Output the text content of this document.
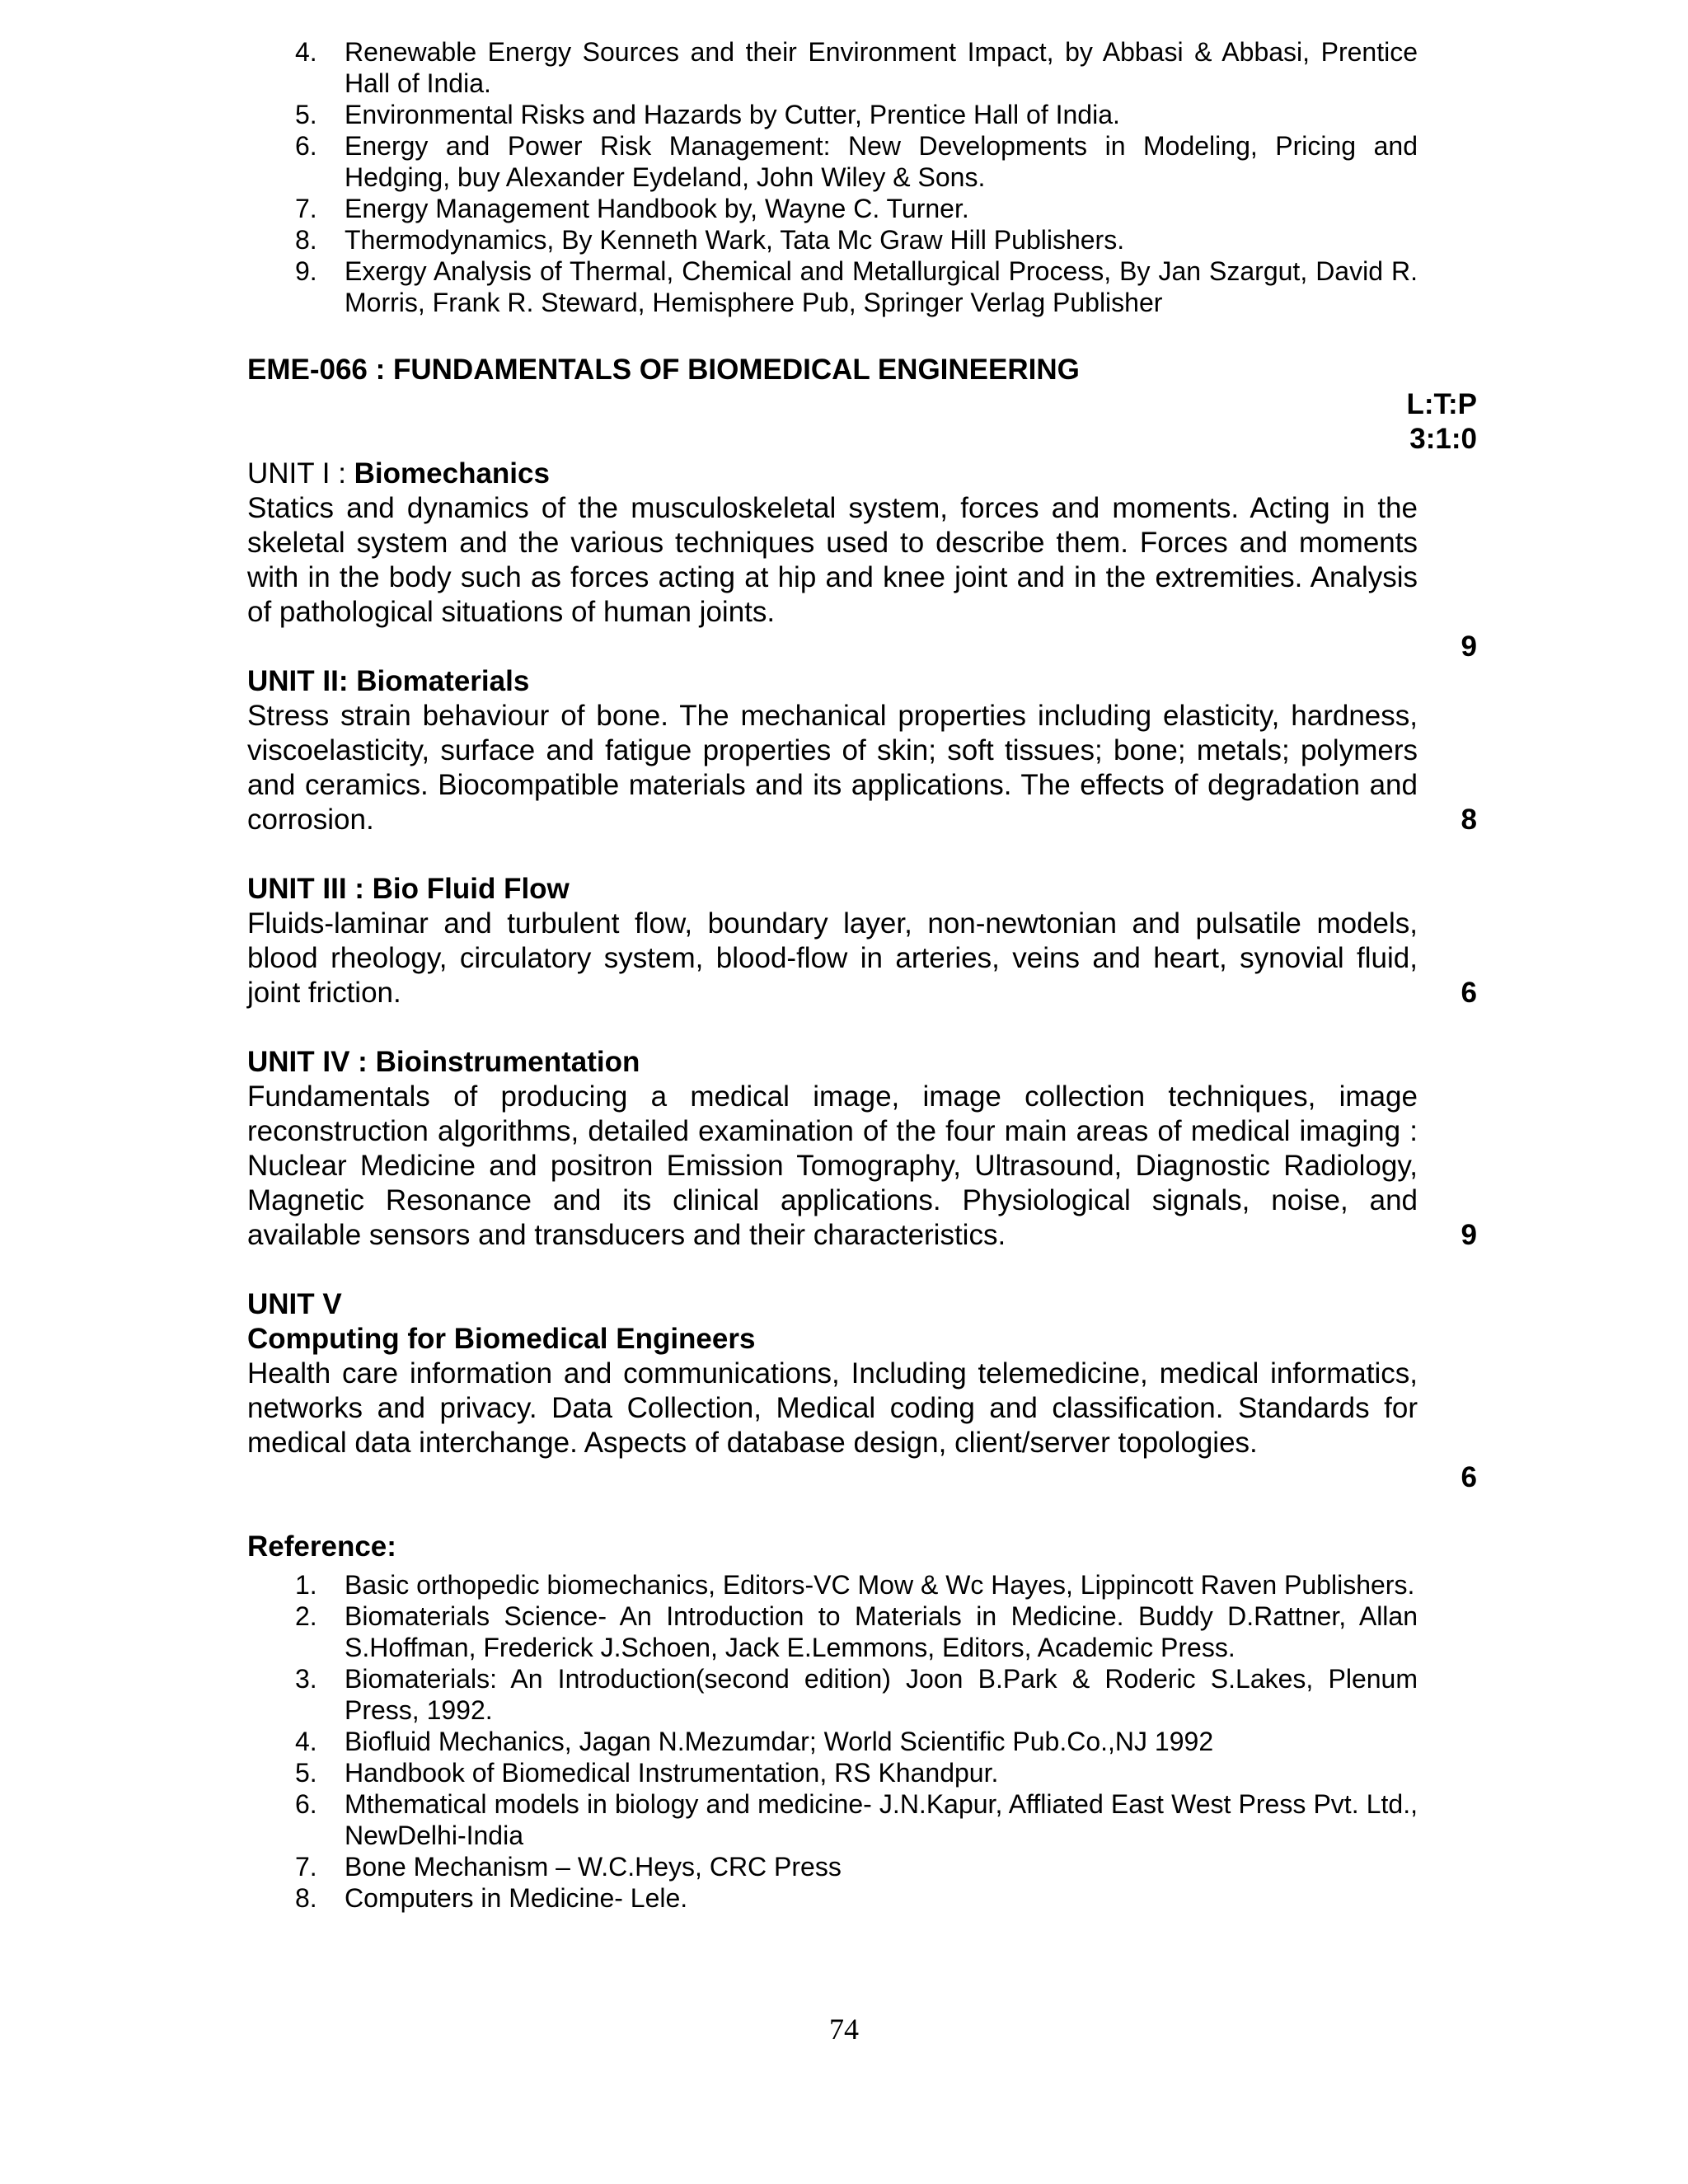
4. Renewable Energy Sources and their Environment Impact, by Abbasi & Abbasi, Prentice Hall of India.
5. Environmental Risks and Hazards by Cutter, Prentice Hall of India.
6. Energy and Power Risk Management: New Developments in Modeling, Pricing and Hedging, buy Alexander Eydeland, John Wiley & Sons.
7. Energy Management Handbook by, Wayne C. Turner.
8. Thermodynamics, By Kenneth Wark, Tata Mc Graw Hill Publishers.
9. Exergy Analysis of Thermal, Chemical and Metallurgical Process, By Jan Szargut, David R. Morris, Frank R. Steward, Hemisphere Pub, Springer Verlag Publisher
EME-066 : FUNDAMENTALS OF BIOMEDICAL ENGINEERING
L:T:P
3:1:0
UNIT I : Biomechanics
Statics and dynamics of the musculoskeletal system, forces and moments. Acting in the skeletal system and the various techniques used to describe them. Forces and moments with in the body such as forces acting at hip and knee joint and in the extremities. Analysis of pathological situations of human joints.
9
UNIT II: Biomaterials
Stress strain behaviour of bone. The mechanical properties including elasticity, hardness, viscoelasticity, surface and fatigue properties of skin; soft tissues; bone; metals; polymers and ceramics. Biocompatible materials and its applications. The effects of degradation and corrosion.	8
UNIT III : Bio Fluid Flow
Fluids-laminar and turbulent flow, boundary layer, non-newtonian and pulsatile models, blood rheology, circulatory system, blood-flow in arteries, veins and heart, synovial fluid, joint friction.	6
UNIT IV : Bioinstrumentation
Fundamentals of producing a medical image, image collection techniques, image reconstruction algorithms, detailed examination of the four main areas of medical imaging : Nuclear Medicine and positron Emission Tomography, Ultrasound, Diagnostic Radiology, Magnetic Resonance and its clinical applications. Physiological signals, noise, and available sensors and transducers and their characteristics.	9
UNIT V
Computing for Biomedical Engineers
Health care information and communications, Including telemedicine, medical informatics, networks and privacy. Data Collection, Medical coding and classification. Standards for medical data interchange. Aspects of database design, client/server topologies.
6
Reference:
1. Basic orthopedic biomechanics, Editors-VC Mow & Wc Hayes, Lippincott Raven Publishers.
2. Biomaterials Science- An Introduction to Materials in Medicine. Buddy D.Rattner, Allan S.Hoffman, Frederick J.Schoen, Jack E.Lemmons, Editors, Academic Press.
3. Biomaterials: An Introduction(second edition) Joon B.Park & Roderic S.Lakes, Plenum Press, 1992.
4. Biofluid Mechanics, Jagan N.Mezumdar; World Scientific Pub.Co.,NJ 1992
5. Handbook of Biomedical Instrumentation, RS Khandpur.
6. Mthematical models in biology and medicine- J.N.Kapur, Affliated East West Press Pvt. Ltd., NewDelhi-India
7. Bone Mechanism – W.C.Heys, CRC Press
8. Computers in Medicine- Lele.
74
